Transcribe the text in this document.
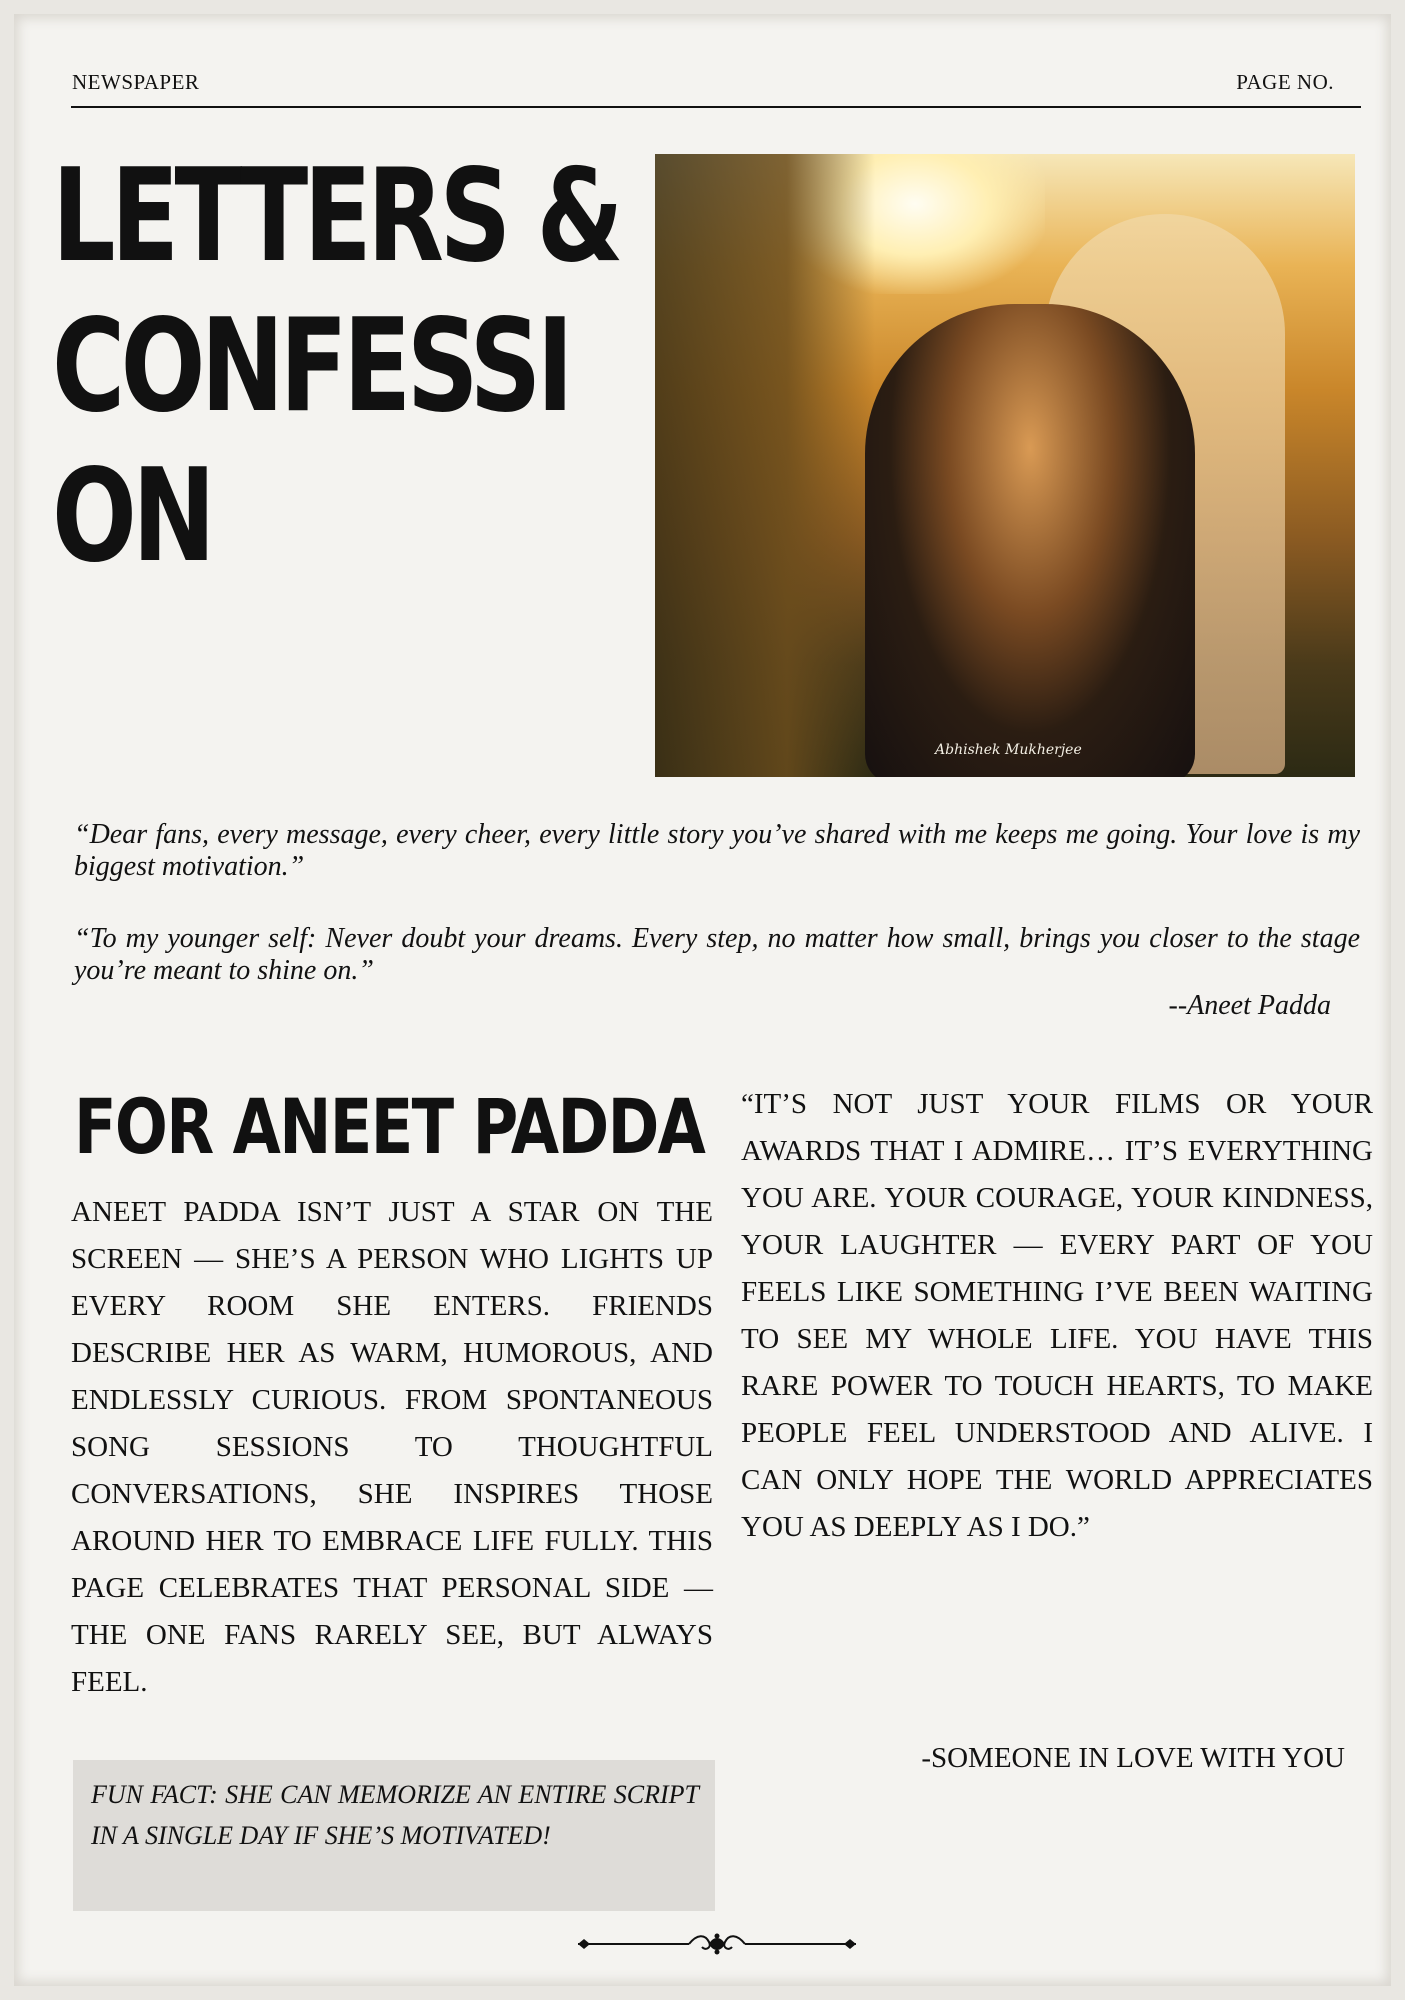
NEWSPAPER	PAGE NO.
LETTERS &
CONFESSI
ON
Abhishek Mukherjee
“Dear fans, every message, every cheer, every little story you’ve shared with me keeps me going. Your love is my biggest motivation.”
“To my younger self: Never doubt your dreams. Every step, no matter how small, brings you closer to the stage you’re meant to shine on.”
--Aneet Padda
FOR ANEET PADDA
ANEET PADDA ISN’T JUST A STAR ON THE SCREEN — SHE’S A PERSON WHO LIGHTS UP EVERY ROOM SHE ENTERS. FRIENDS DESCRIBE HER AS WARM, HUMOROUS, AND ENDLESSLY CURIOUS. FROM SPONTANEOUS SONG SESSIONS TO THOUGHTFUL CONVERSATIONS, SHE INSPIRES THOSE AROUND HER TO EMBRACE LIFE FULLY. THIS PAGE CELEBRATES THAT PERSONAL SIDE — THE ONE FANS RARELY SEE, BUT ALWAYS FEEL.
FUN FACT: SHE CAN MEMORIZE AN ENTIRE SCRIPT IN A SINGLE DAY IF SHE’S MOTIVATED!
“IT’S NOT JUST YOUR FILMS OR YOUR AWARDS THAT I ADMIRE… IT’S EVERYTHING YOU ARE. YOUR COURAGE, YOUR KINDNESS, YOUR LAUGHTER — EVERY PART OF YOU FEELS LIKE SOMETHING I’VE BEEN WAITING TO SEE MY WHOLE LIFE. YOU HAVE THIS RARE POWER TO TOUCH HEARTS, TO MAKE PEOPLE FEEL UNDERSTOOD AND ALIVE. I CAN ONLY HOPE THE WORLD APPRECIATES YOU AS DEEPLY AS I DO.”
-SOMEONE IN LOVE WITH YOU
